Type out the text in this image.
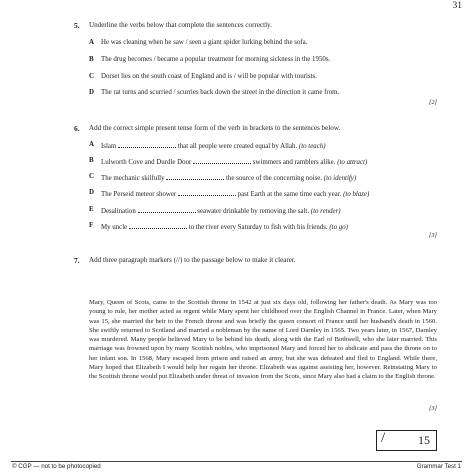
31
5. Underline the verbs below that complete the sentences correctly.
A He was cleaning when he saw / seen a giant spider lurking behind the sofa.
B The drug becomes / became a popular treatment for morning sickness in the 1950s.
C Dorset lies on the south coast of England and is / will be popular with tourists.
D The rat turns and scurried / scurries back down the street in the direction it came from.
[2]
6. Add the correct simple present tense form of the verb in brackets to the sentences below.
A Islam	that all people were created equal by Allah. (to teach)
B Lulworth Cove and Durdle Door	swimmers and ramblers alike. (to attract)
C The mechanic skilfully	the source of the concerning noise. (to identify)
D The Perseid meteor shower	past Earth at the same time each year. (to blaze)
E Desalination	seawater drinkable by removing the salt. (to render)
F My uncle	to the river every Saturday to fish with his friends. (to go)
[3]
7. Add three paragraph markers (//) to the passage below to make it clearer.
Mary, Queen of Scots, came to the Scottish throne in 1542 at just six days old, following her father's death. As Mary was too young to rule, her mother acted as regent while Mary spent her childhood over the English Channel in France. Later, when Mary was 15, she married the heir to the French throne and was briefly the queen consort of France until her husband's death in 1560. She swiftly returned to Scotland and married a nobleman by the name of Lord Darnley in 1565. Two years later, in 1567, Darnley was murdered. Many people believed Mary to be behind his death, along with the Earl of Bothwell, who she later married. This marriage was frowned upon by many Scottish nobles, who imprisoned Mary and forced her to abdicate and pass the throne on to her infant son. In 1568, Mary escaped from prison and raised an army, but she was defeated and fled to England. While there, Mary hoped that Elizabeth I would help her regain her throne. Elizabeth was against assisting her, however. Reinstating Mary to the Scottish throne would put Elizabeth under threat of invasion from the Scots, since Mary also had a claim to the English throne.
[3]
/	15
© CGP — not to be photocopied	Grammar Test 1
